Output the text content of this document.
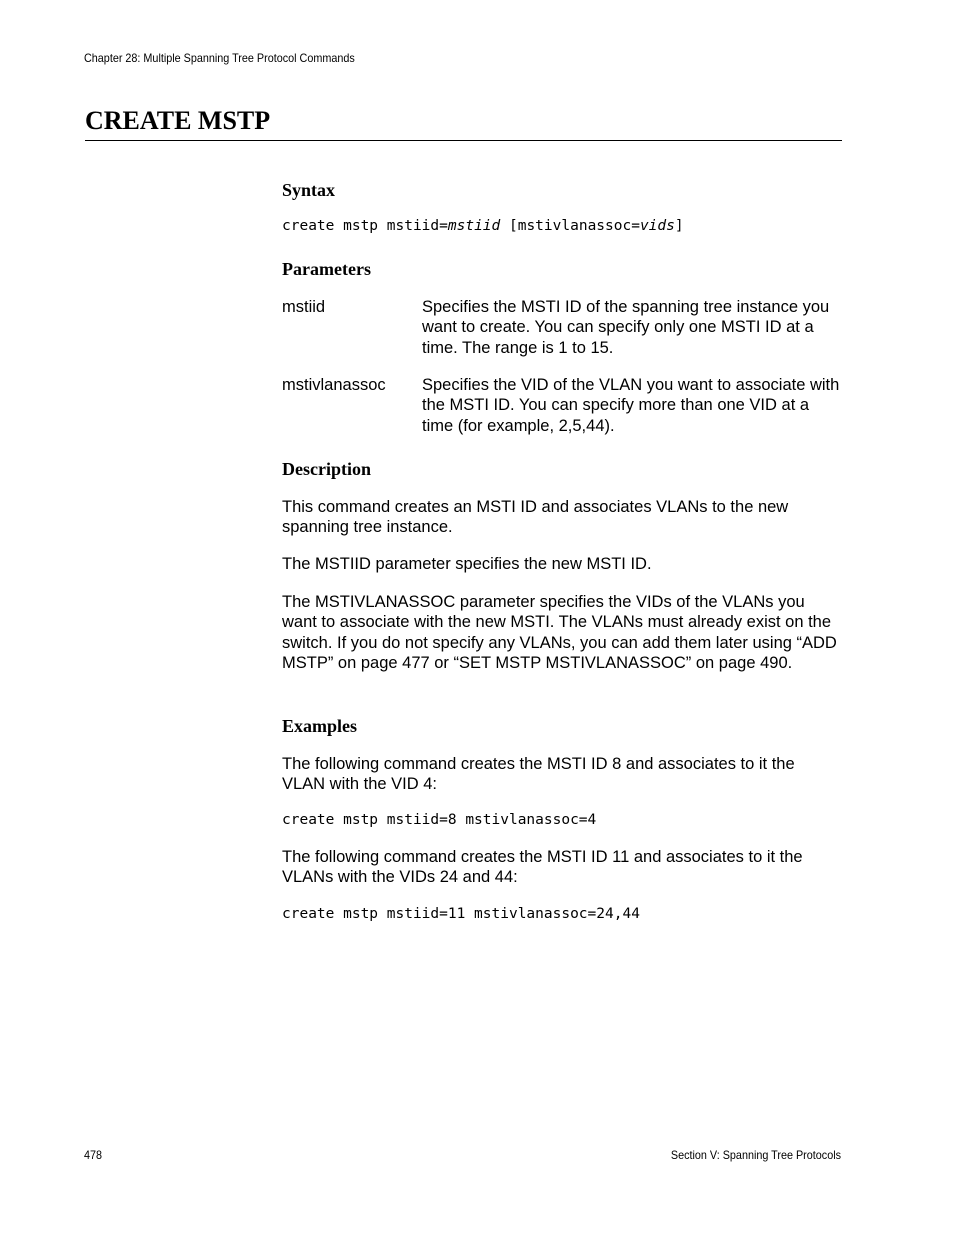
Chapter 28: Multiple Spanning Tree Protocol Commands
CREATE MSTP
Syntax
create mstp mstiid=mstiid [mstivlanassoc=vids]
Parameters
mstiid	Specifies the MSTI ID of the spanning tree instance you want to create. You can specify only one MSTI ID at a time. The range is 1 to 15.
mstivlanassoc Specifies the VID of the VLAN you want to associate with the MSTI ID. You can specify more than one VID at a time (for example, 2,5,44).
Description

This command creates an MSTI ID and associates VLANs to the new spanning tree instance.

The MSTIID parameter specifies the new MSTI ID.

The MSTIVLANASSOC parameter specifies the VIDs of the VLANs you want to associate with the new MSTI. The VLANs must already exist on the switch. If you do not specify any VLANs, you can add them later using “ADD MSTP” on page 477 or “SET MSTP MSTIVLANASSOC” on page 490.

Examples

The following command creates the MSTI ID 8 and associates to it the VLAN with the VID 4:

create mstp mstiid=8 mstivlanassoc=4

The following command creates the MSTI ID 11 and associates to it the VLANs with the VIDs 24 and 44:

create mstp mstiid=11 mstivlanassoc=24,44
478	Section V: Spanning Tree Protocols
